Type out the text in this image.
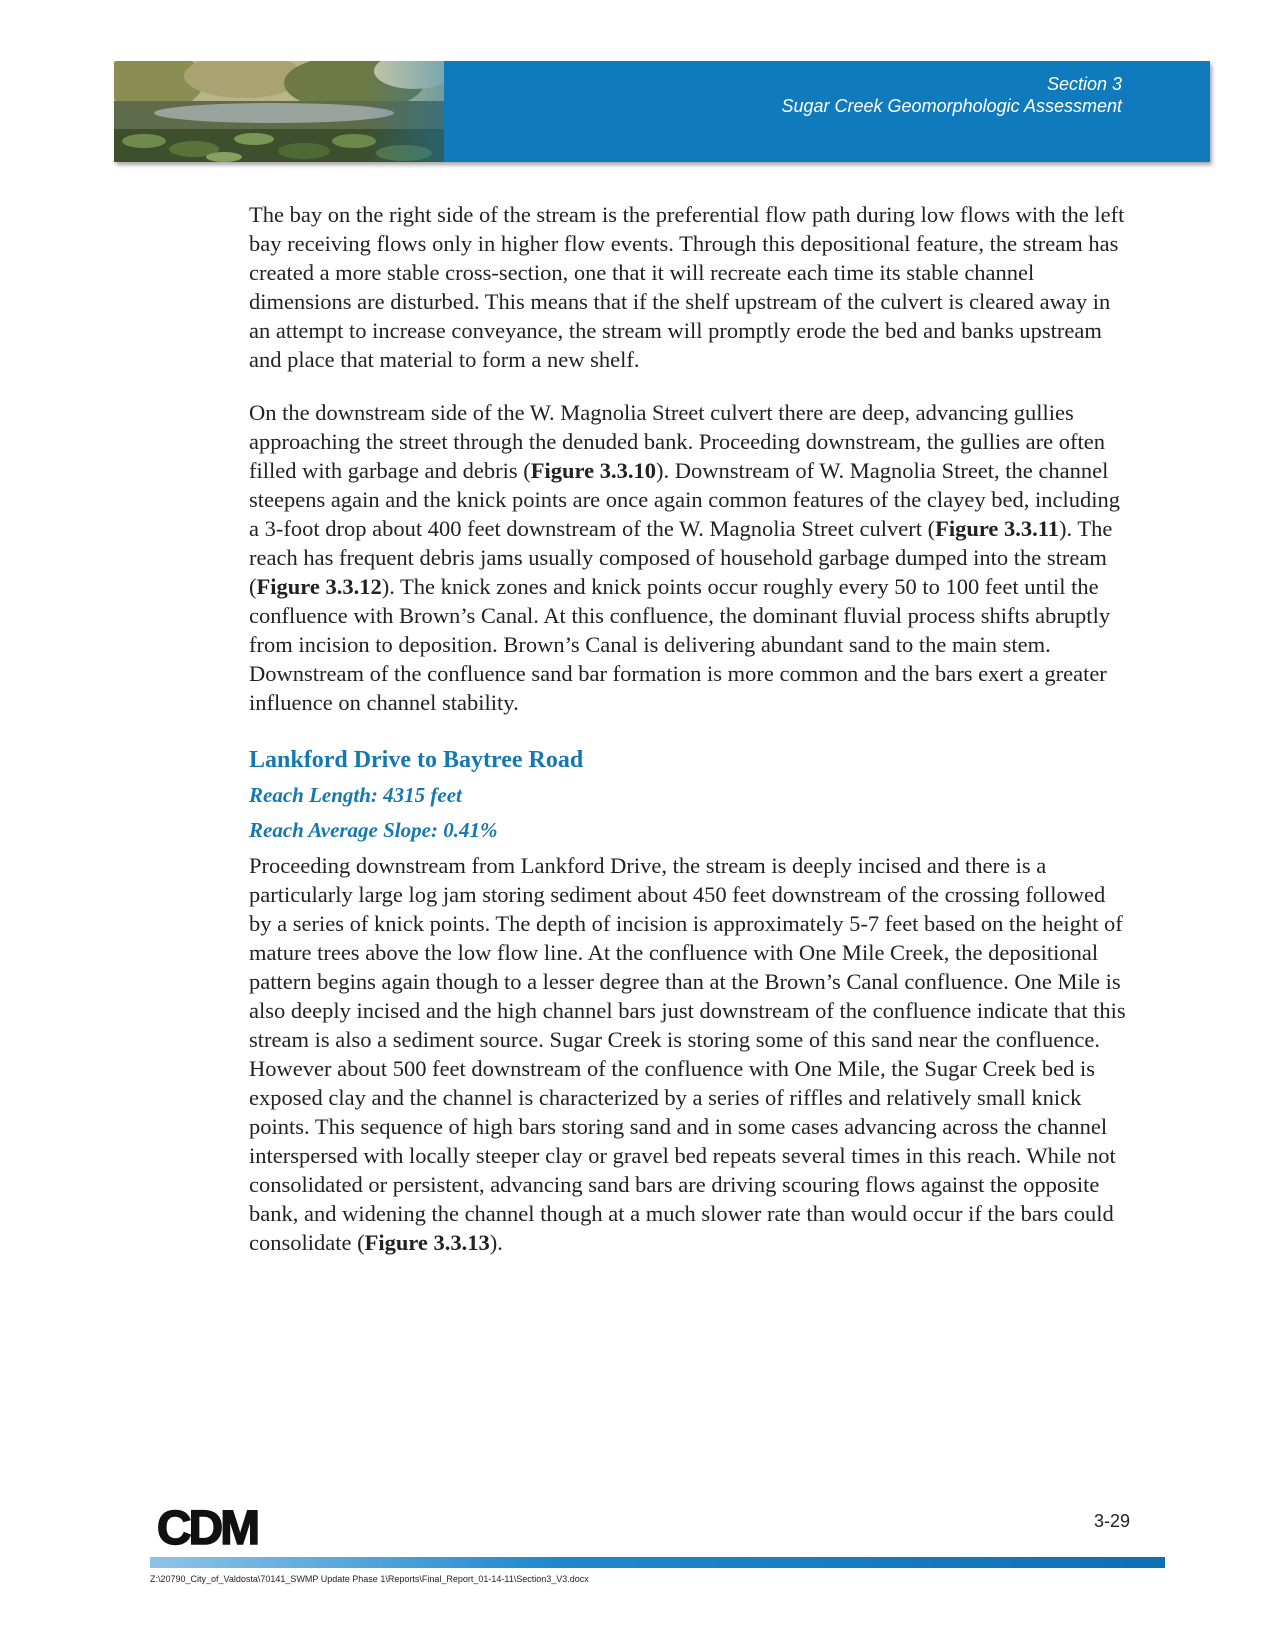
Section 3
Sugar Creek Geomorphologic Assessment

The bay on the right side of the stream is the preferential flow path during low flows with the left bay receiving flows only in higher flow events. Through this depositional feature, the stream has created a more stable cross-section, one that it will recreate each time its stable channel dimensions are disturbed. This means that if the shelf upstream of the culvert is cleared away in an attempt to increase conveyance, the stream will promptly erode the bed and banks upstream and place that material to form a new shelf.

On the downstream side of the W. Magnolia Street culvert there are deep, advancing gullies approaching the street through the denuded bank. Proceeding downstream, the gullies are often filled with garbage and debris (Figure 3.3.10). Downstream of W. Magnolia Street, the channel steepens again and the knick points are once again common features of the clayey bed, including a 3-foot drop about 400 feet downstream of the W. Magnolia Street culvert (Figure 3.3.11). The reach has frequent debris jams usually composed of household garbage dumped into the stream (Figure 3.3.12). The knick zones and knick points occur roughly every 50 to 100 feet until the confluence with Brown’s Canal. At this confluence, the dominant fluvial process shifts abruptly from incision to deposition. Brown’s Canal is delivering abundant sand to the main stem. Downstream of the confluence sand bar formation is more common and the bars exert a greater influence on channel stability.

Lankford Drive to Baytree Road
Reach Length: 4315 feet
Reach Average Slope: 0.41%

Proceeding downstream from Lankford Drive, the stream is deeply incised and there is a particularly large log jam storing sediment about 450 feet downstream of the crossing followed by a series of knick points. The depth of incision is approximately 5-7 feet based on the height of mature trees above the low flow line. At the confluence with One Mile Creek, the depositional pattern begins again though to a lesser degree than at the Brown’s Canal confluence. One Mile is also deeply incised and the high channel bars just downstream of the confluence indicate that this stream is also a sediment source. Sugar Creek is storing some of this sand near the confluence. However about 500 feet downstream of the confluence with One Mile, the Sugar Creek bed is exposed clay and the channel is characterized by a series of riffles and relatively small knick points. This sequence of high bars storing sand and in some cases advancing across the channel interspersed with locally steeper clay or gravel bed repeats several times in this reach. While not consolidated or persistent, advancing sand bars are driving scouring flows against the opposite bank, and widening the channel though at a much slower rate than would occur if the bars could consolidate (Figure 3.3.13).

CDM	3-29
Z:\20790_City_of_Valdosta\70141_SWMP Update Phase 1\Reports\Final_Report_01-14-11\Section3_V3.docx
